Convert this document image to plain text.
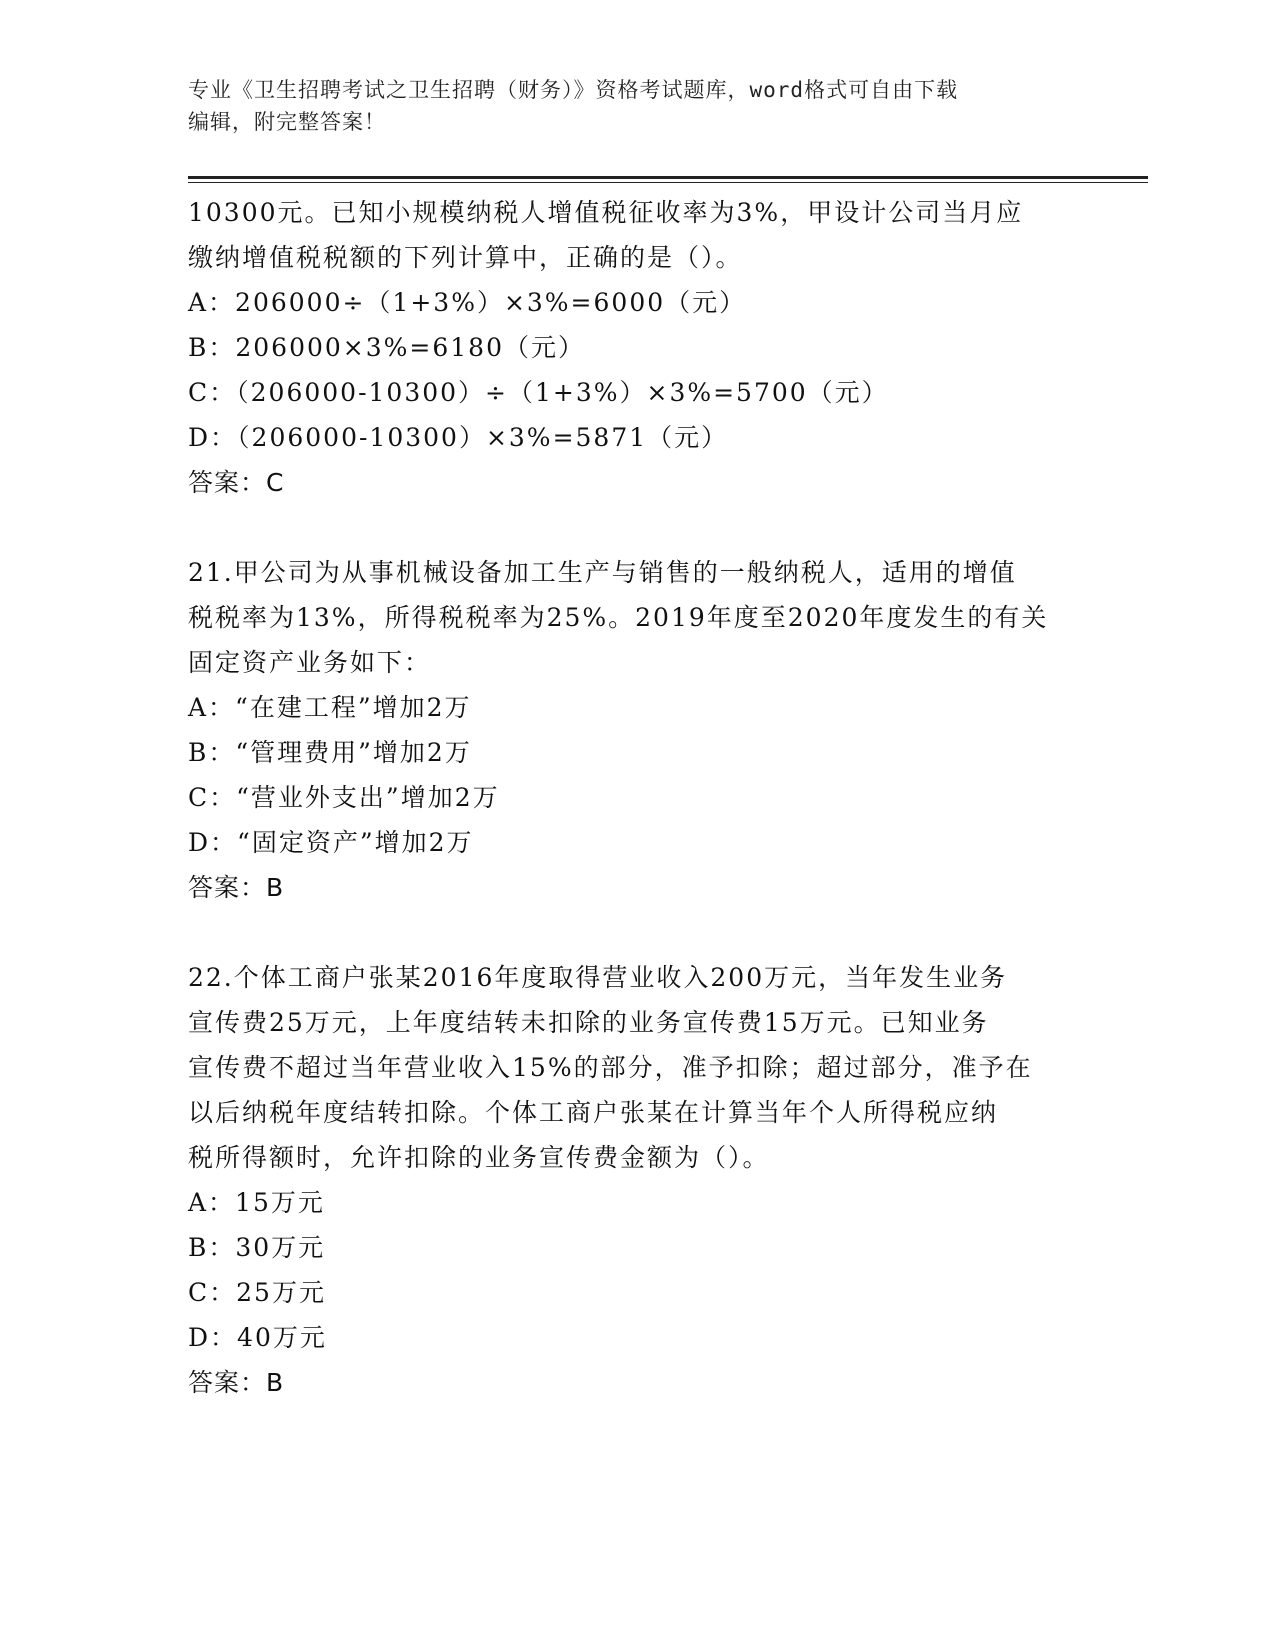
专业《卫生招聘考试之卫生招聘（财务）》资格考试题库，word格式可自由下载
编辑，附完整答案！
10300元。已知小规模纳税人增值税征收率为3%，甲设计公司当月应
缴纳增值税税额的下列计算中，正确的是（）。
A：206000÷（1+3%）×3%=6000（元）
B：206000×3%=6180（元）
C：（206000-10300）÷（1+3%）×3%=5700（元）
D：（206000-10300）×3%=5871（元）
答案：C
21.甲公司为从事机械设备加工生产与销售的一般纳税人，适用的增值
税税率为13%，所得税税率为25%。2019年度至2020年度发生的有关
固定资产业务如下：
A：“在建工程”增加2万
B：“管理费用”增加2万
C：“营业外支出”增加2万
D：“固定资产”增加2万
答案：B
22.个体工商户张某2016年度取得营业收入200万元，当年发生业务
宣传费25万元，上年度结转未扣除的业务宣传费15万元。已知业务
宣传费不超过当年营业收入15%的部分，准予扣除；超过部分，准予在
以后纳税年度结转扣除。个体工商户张某在计算当年个人所得税应纳
税所得额时，允许扣除的业务宣传费金额为（）。
A：15万元
B：30万元
C：25万元
D：40万元
答案：B
